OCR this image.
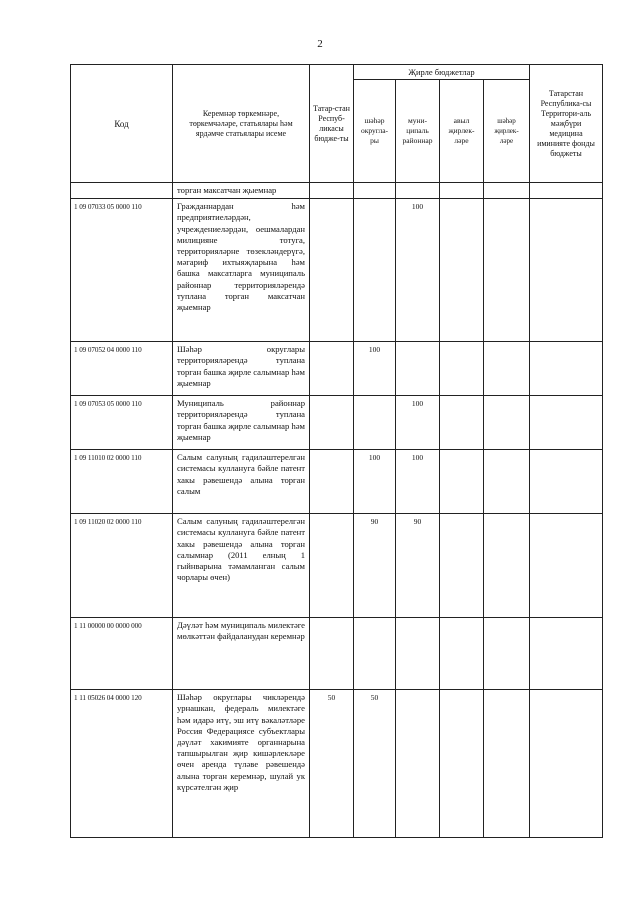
2
Код	Керемнәр төркемнәре, төркемчәләре, статьялары һәм ярдәмче статьялары исеме	Татар-стан Респуб-ликасы бюдже-ты	Җирле бюджетлар				Татарстан Республика-сы Территори-аль мәҗбүри медицина иминияте фонды бюджеты
			шәһәр округла-ры	муни-ципаль районнар	авыл җирлек-ләре	шәһәр җирлек-ләре	
	торган максатчан җыемнар						
1 09 07033 05 0000 110	Гражданнардан һәм предприятиеләрдән, учреждениеләрдән, оешмалардан милицияне тотуга, территорияләрне төзекләндерүгә, мәгариф ихтыяҗларына һәм башка максатларга муниципаль районнар территорияләрендә туплана торган максатчан җыемнар			100			
1 09 07052 04 0000 110	Шәһәр округлары территорияләрендә туплана торган башка җирле салымнар һәм җыемнар		100				
1 09 07053 05 0000 110	Муниципаль районнар территорияләрендә туплана торган башка җирле салымнар һәм җыемнар			100			
1 09 11010 02 0000 110	Салым салуның гадиләштерелгән системасы кулланугa бәйле патент хакы рәвешендә алына торган салым		100	100			
1 09 11020 02 0000 110	Салым салуның гадиләштерелгән системасы кулланугa бәйле патент хакы рәвешендә алына торган салымнар (2011 елның 1 гыйнварына тәмамланган салым чорлары өчен)		90	90			
1 11 00000 00 0000 000	Дәүләт һәм муниципаль милектәге мөлкәттән файдаланудан керемнәр						
1 11 05026 04 0000 120	Шәһәр округлары чикләрендә урнашкан, федераль милектәге һәм идарә итү, эш итү вәкаләтләре Россия Федерациясе субъектлары дәүләт хакимияте органнарына тапшырылган җир кишәрлекләре өчен аренда түләве рәвешендә алына торган керемнәр, шулай ук күрсәтелгән җир	50	50				
